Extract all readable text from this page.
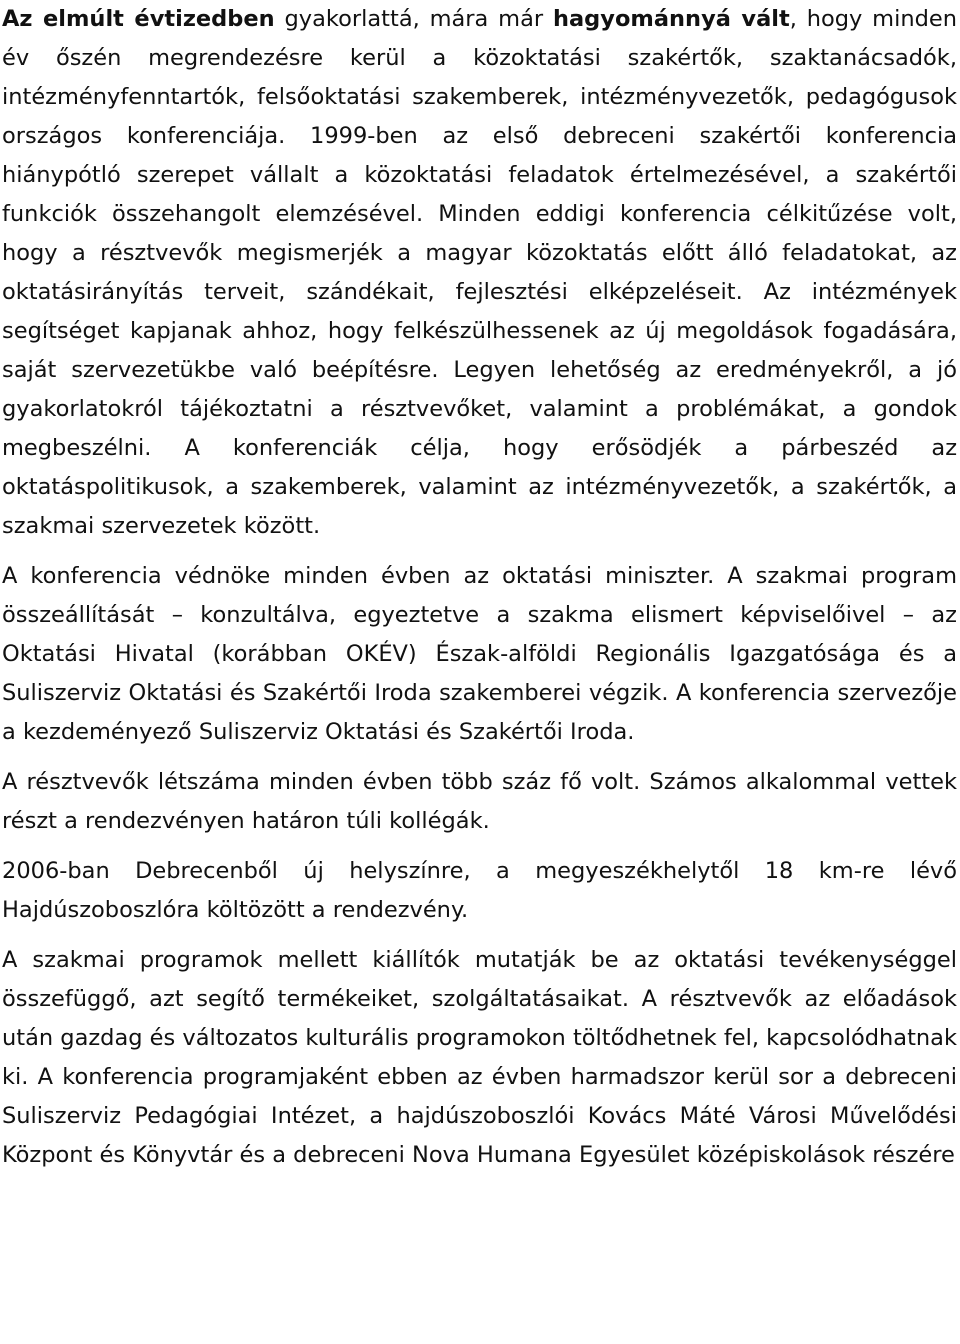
Az elmúlt évtizedben gyakorlattá, mára már hagyománnyá vált, hogy minden év őszén megrendezésre kerül a közoktatási szakértők, szaktanácsadók, intézményfenntartók, felsőoktatási szakemberek, intézményvezetők, pedagógusok országos konferenciája. 1999-ben az első debreceni szakértői konferencia hiánypótló szerepet vállalt a közoktatási feladatok értelmezésével, a szakértői funkciók összehangolt elemzésével. Minden eddigi konferencia célkitűzése volt, hogy a résztvevők megismerjék a magyar közoktatás előtt álló feladatokat, az oktatásirányítás terveit, szándékait, fejlesztési elképzeléseit. Az intézmények segítséget kapjanak ahhoz, hogy felkészülhessenek az új megoldások fogadására, saját szervezetükbe való beépítésre. Legyen lehetőség az eredményekről, a jó gyakorlatokról tájékoztatni a résztvevőket, valamint a problémákat, a gondok megbeszélni. A konferenciák célja, hogy erősödjék a párbeszéd az oktatáspolitikusok, a szakemberek, valamint az intézményvezetők, a szakértők, a szakmai szervezetek között.

A konferencia védnöke minden évben az oktatási miniszter. A szakmai program összeállítását – konzultálva, egyeztetve a szakma elismert képviselőivel – az Oktatási Hivatal (korábban OKÉV) Észak-alföldi Regionális Igazgatósága és a Suliszerviz Oktatási és Szakértői Iroda szakemberei végzik. A konferencia szervezője a kezdeményező Suliszerviz Oktatási és Szakértői Iroda.

A résztvevők létszáma minden évben több száz fő volt. Számos alkalommal vettek részt a rendezvényen határon túli kollégák.

2006-ban Debrecenből új helyszínre, a megyeszékhelytől 18 km-re lévő Hajdúszoboszlóra költözött a rendezvény.

A szakmai programok mellett kiállítók mutatják be az oktatási tevékenységgel összefüggő, azt segítő termékeiket, szolgáltatásaikat. A résztvevők az előadások után gazdag és változatos kulturális programokon töltődhetnek fel, kapcsolódhatnak ki. A konferencia programjaként ebben az évben harmadszor kerül sor a debreceni Suliszerviz Pedagógiai Intézet, a hajdúszoboszlói Kovács Máté Városi Művelődési Központ és Könyvtár és a debreceni Nova Humana Egyesület középiskolások részére
